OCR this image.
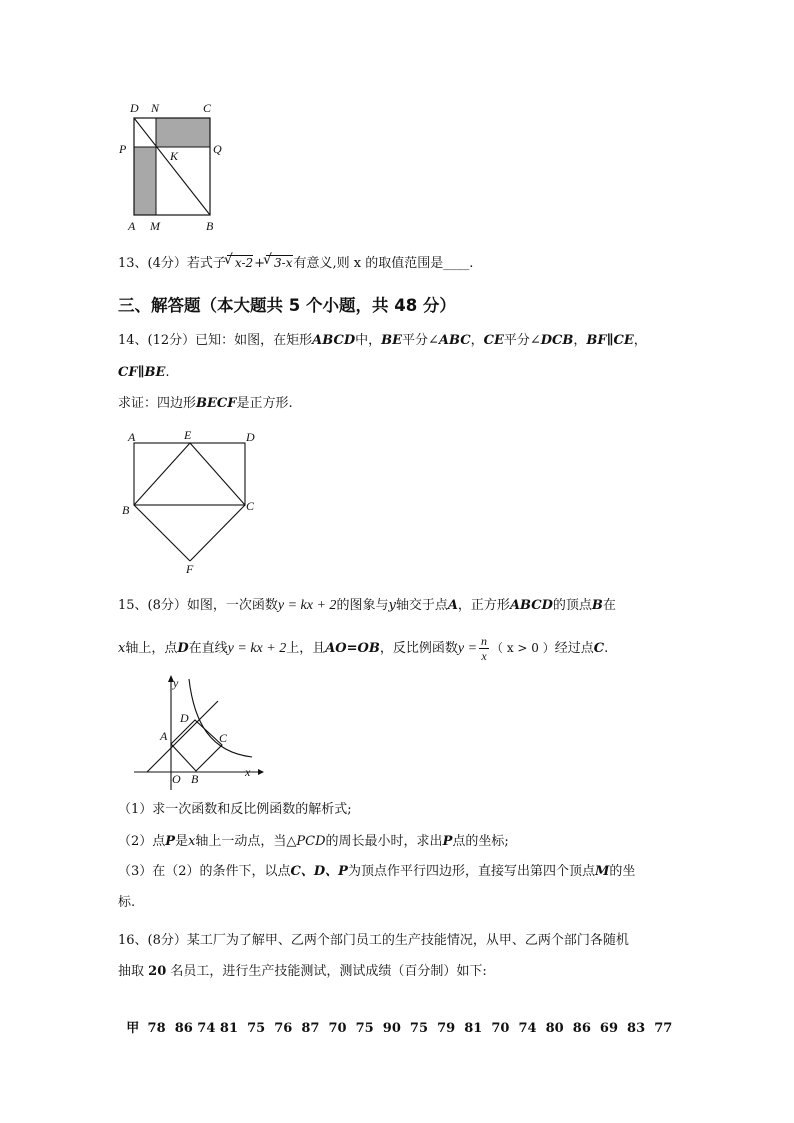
D N	C
P	K	Q
A M	B
13、(4分）若式子 √ x-2+ √ 3-x有意义,则 x 的取值范围是____.
三、解答题（本大题共 5 个小题，共 48 分）
14、(12分）已知：如图，在矩形ABCD中，BE平分∠ABC，CE平分∠DCB，BF∥CE，
CF∥BE.
求证：四边形BECF是正方形.
A	E	D
B	C
F
15、(8分）如图，一次函数y = kx + 2的图象与y轴交于点A，正方形ABCD的顶点B在
x轴上，点D在直线y = kx + 2上，且AO=OB，反比例函数$y = \frac{n}{x}$ （ x > 0 ）经过点C.
y
x
O
A
B
C
D
（1）求一次函数和反比例函数的解析式;
（2）点P是x轴上一动点，当△PCD的周长最小时，求出P点的坐标;
（3）在（2）的条件下，以点C、D、P为顶点作平行四边形，直接写出第四个顶点M的坐
标.
16、(8分）某工厂为了解甲、乙两个部门员工的生产技能情况，从甲、乙两个部门各随机
抽取 20 名员工，进行生产技能测试，测试成绩（百分制）如下:

甲 78  86 74 81  75  76  87  70  75  90  75  79  81  70  74  80  86  69  83  77
